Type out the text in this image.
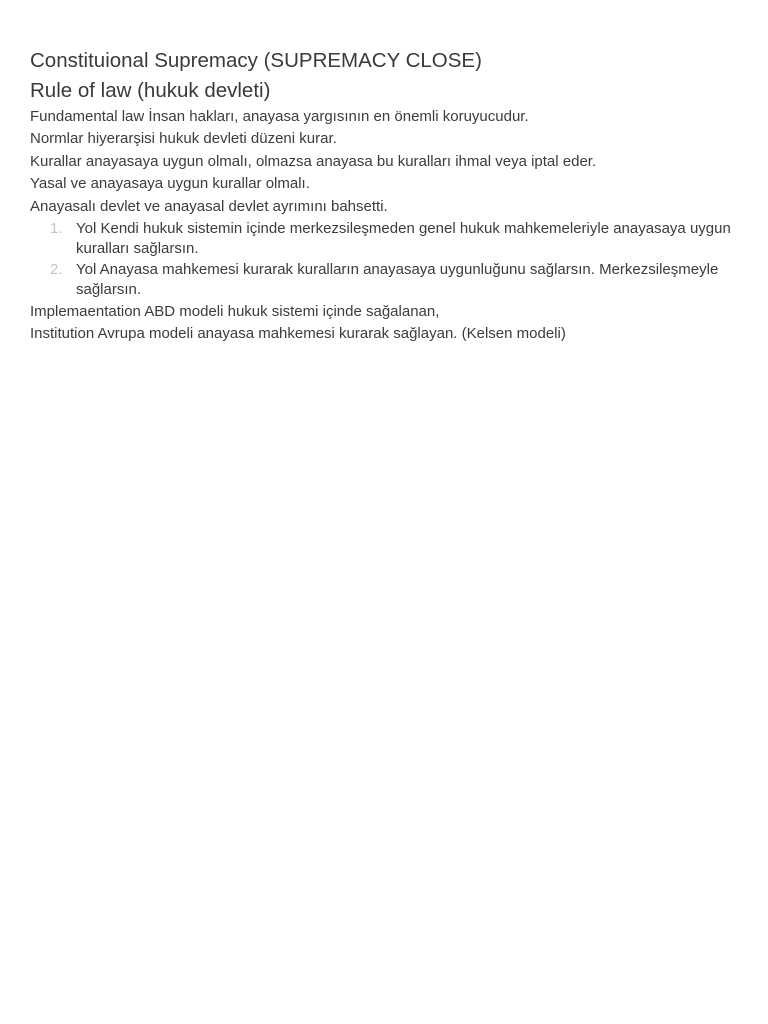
Constituional Supremacy (SUPREMACY CLOSE)
Rule of law (hukuk devleti)

Fundamental law İnsan hakları, anayasa yargısının en önemli koruyucudur.

Normlar hiyerarşisi hukuk devleti düzeni kurar.

Kurallar anayasaya uygun olmalı, olmazsa anayasa bu kuralları ihmal veya iptal eder.

Yasal ve anayasaya uygun kurallar olmalı.

Anayasalı devlet ve anayasal devlet ayrımını bahsetti.

1. Yol Kendi hukuk sistemin içinde merkezsileşmeden genel hukuk mahkemeleriyle anayasaya uygun kuralları sağlarsın.
2. Yol Anayasa mahkemesi kurarak kuralların anayasaya uygunluğunu sağlarsın. Merkezsileşmeyle sağlarsın.

Implemaentation ABD modeli hukuk sistemi içinde sağalanan,

Institution Avrupa modeli anayasa mahkemesi kurarak sağlayan. (Kelsen modeli)
